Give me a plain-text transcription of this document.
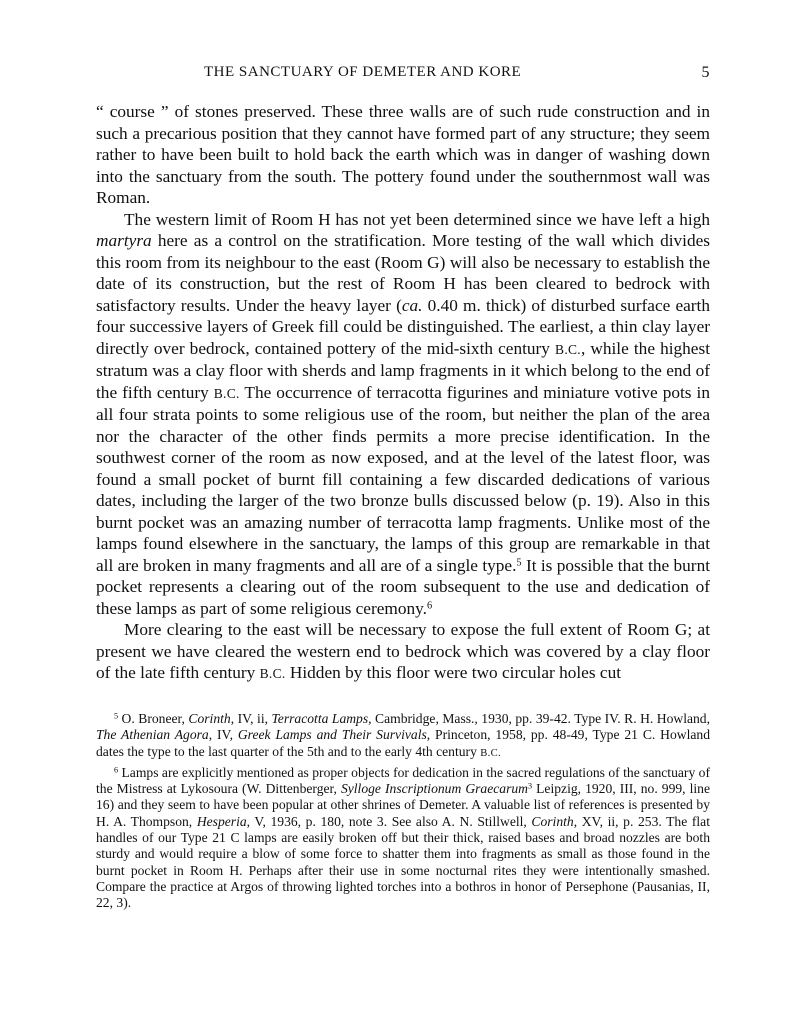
THE SANCTUARY OF DEMETER AND KORE	5

“ course ” of stones preserved. These three walls are of such rude construction and in such a precarious position that they cannot have formed part of any structure; they seem rather to have been built to hold back the earth which was in danger of washing down into the sanctuary from the south. The pottery found under the southernmost wall was Roman.

The western limit of Room H has not yet been determined since we have left a high martyra here as a control on the stratification. More testing of the wall which divides this room from its neighbour to the east (Room G) will also be necessary to establish the date of its construction, but the rest of Room H has been cleared to bedrock with satisfactory results. Under the heavy layer (ca. 0.40 m. thick) of disturbed surface earth four successive layers of Greek fill could be distinguished. The earliest, a thin clay layer directly over bedrock, contained pottery of the mid-sixth century B.C., while the highest stratum was a clay floor with sherds and lamp fragments in it which belong to the end of the fifth century B.C. The occurrence of terracotta figurines and miniature votive pots in all four strata points to some religious use of the room, but neither the plan of the area nor the character of the other finds permits a more precise identification. In the southwest corner of the room as now exposed, and at the level of the latest floor, was found a small pocket of burnt fill containing a few discarded dedications of various dates, including the larger of the two bronze bulls discussed below (p. 19). Also in this burnt pocket was an amazing number of terracotta lamp fragments. Unlike most of the lamps found elsewhere in the sanctuary, the lamps of this group are remarkable in that all are broken in many fragments and all are of a single type.$^5$ It is possible that the burnt pocket represents a clearing out of the room subsequent to the use and dedication of these lamps as part of some religious ceremony.$^6$

More clearing to the east will be necessary to expose the full extent of Room G; at present we have cleared the western end to bedrock which was covered by a clay floor of the late fifth century B.C. Hidden by this floor were two circular holes cut

$^5$ O. Broneer, Corinth, IV, ii, Terracotta Lamps, Cambridge, Mass., 1930, pp. 39-42. Type IV. R. H. Howland, The Athenian Agora, IV, Greek Lamps and Their Survivals, Princeton, 1958, pp. 48-49, Type 21 C. Howland dates the type to the last quarter of the 5th and to the early 4th century B.C.

$^6$ Lamps are explicitly mentioned as proper objects for dedication in the sacred regulations of the sanctuary of the Mistress at Lykosoura (W. Dittenberger, Sylloge Inscriptionum Graecarum$^3$ Leipzig, 1920, III, no. 999, line 16) and they seem to have been popular at other shrines of Demeter. A valuable list of references is presented by H. A. Thompson, Hesperia, V, 1936, p. 180, note 3. See also A. N. Stillwell, Corinth, XV, ii, p. 253. The flat handles of our Type 21 C lamps are easily broken off but their thick, raised bases and broad nozzles are both sturdy and would require a blow of some force to shatter them into fragments as small as those found in the burnt pocket in Room H. Perhaps after their use in some nocturnal rites they were intentionally smashed. Compare the practice at Argos of throwing lighted torches into a bothros in honor of Persephone (Pausanias, II, 22, 3).
